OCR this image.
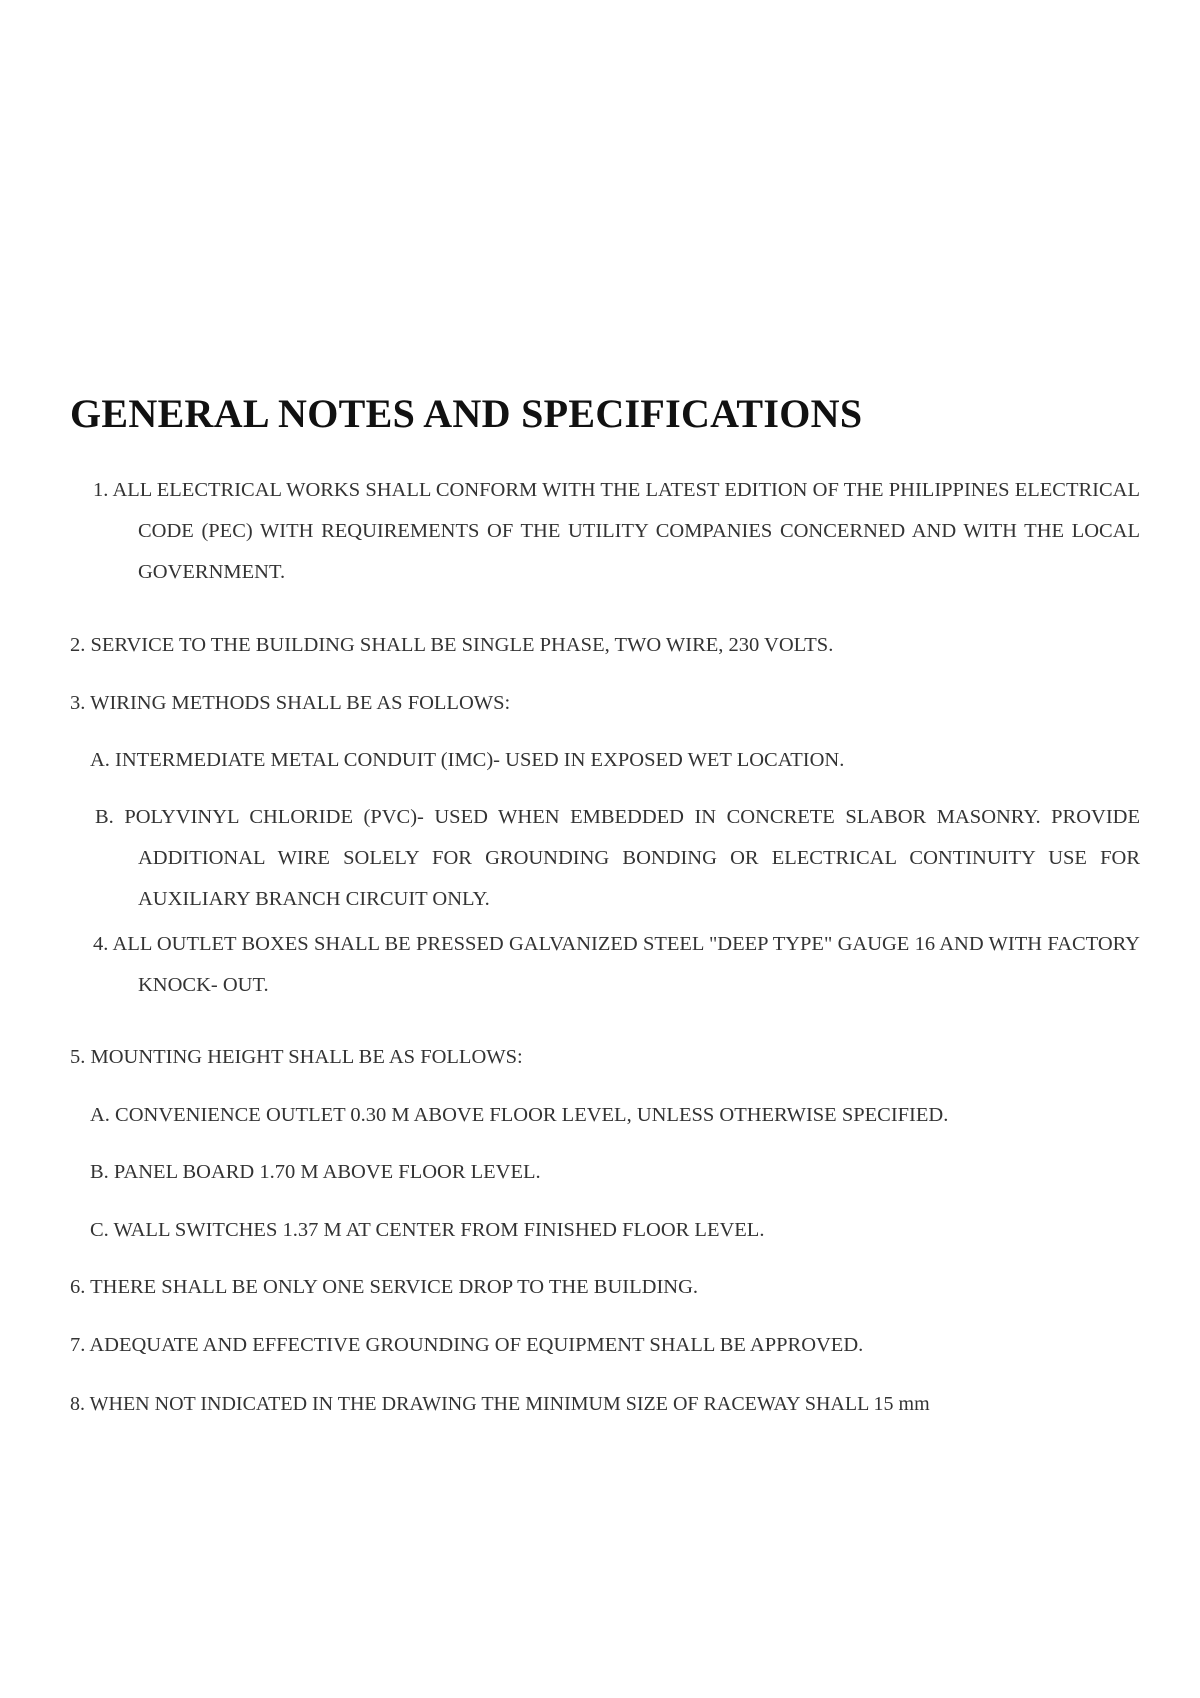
GENERAL NOTES AND SPECIFICATIONS

1. ALL ELECTRICAL WORKS SHALL CONFORM WITH THE LATEST EDITION OF THE PHILIPPINES ELECTRICAL CODE (PEC) WITH REQUIREMENTS OF THE UTILITY COMPANIES CONCERNED AND WITH THE LOCAL GOVERNMENT.

2. SERVICE TO THE BUILDING SHALL BE SINGLE PHASE, TWO WIRE, 230 VOLTS.

3. WIRING METHODS SHALL BE AS FOLLOWS:

A. INTERMEDIATE METAL CONDUIT (IMC)- USED IN EXPOSED WET LOCATION.

B. POLYVINYL CHLORIDE (PVC)- USED WHEN EMBEDDED IN CONCRETE SLABOR MASONRY. PROVIDE ADDITIONAL WIRE SOLELY FOR GROUNDING BONDING OR ELECTRICAL CONTINUITY USE FOR AUXILIARY BRANCH CIRCUIT ONLY.

4. ALL OUTLET BOXES SHALL BE PRESSED GALVANIZED STEEL "DEEP TYPE" GAUGE 16 AND WITH FACTORY KNOCK- OUT.

5. MOUNTING HEIGHT SHALL BE AS FOLLOWS:

A. CONVENIENCE OUTLET 0.30 M ABOVE FLOOR LEVEL, UNLESS OTHERWISE SPECIFIED.

B. PANEL BOARD 1.70 M ABOVE FLOOR LEVEL.

C. WALL SWITCHES 1.37 M AT CENTER FROM FINISHED FLOOR LEVEL.

6. THERE SHALL BE ONLY ONE SERVICE DROP TO THE BUILDING.

7. ADEQUATE AND EFFECTIVE GROUNDING OF EQUIPMENT SHALL BE APPROVED.

8. WHEN NOT INDICATED IN THE DRAWING THE MINIMUM SIZE OF RACEWAY SHALL 15 mm
